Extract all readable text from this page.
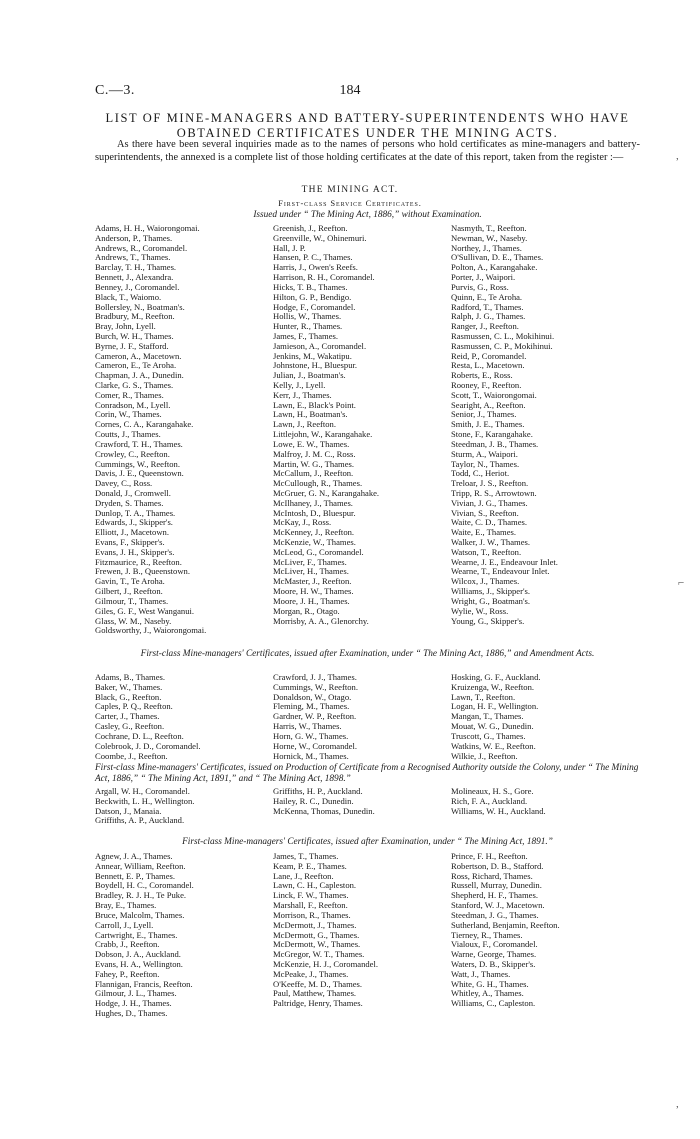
C.—3.	184
LIST OF MINE-MANAGERS AND BATTERY-SUPERINTENDENTS WHO HAVE OBTAINED CERTIFICATES UNDER THE MINING ACTS.
As there have been several inquiries made as to the names of persons who hold certificates as mine-managers and battery-superintendents, the annexed is a complete list of those holding certificates at the date of this report, taken from the register :—
THE MINING ACT.
First-class Service Certificates.
Issued under “ The Mining Act, 1886,” without Examination.
Adams, H. H., Waiorongomai.
Anderson, P., Thames.
Andrews, R., Coromandel.
Andrews, T., Thames.
Barclay, T. H., Thames.
Bennett, J., Alexandra.
Benney, J., Coromandel.
Black, T., Waiomo.
Bollersley, N., Boatman's.
Bradbury, M., Reefton.
Bray, John, Lyell.
Burch, W. H., Thames.
Byrne, J. F., Stafford.
Cameron, A., Macetown.
Cameron, E., Te Aroha.
Chapman, J. A., Dunedin.
Clarke, G. S., Thames.
Comer, R., Thames.
Conradson, M., Lyell.
Corin, W., Thames.
Cornes, C. A., Karangahake.
Coutts, J., Thames.
Crawford, T. H., Thames.
Crowley, C., Reefton.
Cummings, W., Reefton.
Davis, J. E., Queenstown.
Davey, C., Ross.
Donald, J., Cromwell.
Dryden, S. Thames.
Dunlop, T. A., Thames.
Edwards, J., Skipper's.
Elliott, J., Macetown.
Evans, F., Skipper's.
Evans, J. H., Skipper's.
Fitzmaurice, R., Reefton.
Frewen, J. B., Queenstown.
Gavin, T., Te Aroha.
Gilbert, J., Reefton.
Gilmour, T., Thames.
Giles, G. F., West Wanganui.
Glass, W. M., Naseby.
Goldsworthy, J., Waiorongomai.
Greenish, J., Reefton.
Greenville, W., Ohinemuri.
Hall, J. P.
Hansen, P. C., Thames.
Harris, J., Owen's Reefs.
Harrison, R. H., Coromandel.
Hicks, T. B., Thames.
Hilton, G. P., Bendigo.
Hodge, F., Coromandel.
Hollis, W., Thames.
Hunter, R., Thames.
James, F., Thames.
Jamieson, A., Coromandel.
Jenkins, M., Wakatipu.
Johnstone, H., Bluespur.
Julian, J., Boatman's.
Kelly, J., Lyell.
Kerr, J., Thames.
Lawn, E., Black's Point.
Lawn, H., Boatman's.
Lawn, J., Reefton.
Littlejohn, W., Karangahake.
Lowe, E. W., Thames.
Malfroy, J. M. C., Ross.
Martin, W. G., Thames.
McCallum, J., Reefton.
McCullough, R., Thames.
McGruer, G. N., Karangahake.
McIlhaney, J., Thames.
McIntosh, D., Bluespur.
McKay, J., Ross.
McKenney, J., Reefton.
McKenzie, W., Thames.
McLeod, G., Coromandel.
McLiver, F., Thames.
McLiver, H., Thames.
McMaster, J., Reefton.
Moore, H. W., Thames.
Moore, J. H., Thames.
Morgan, R., Otago.
Morrisby, A. A., Glenorchy.
Nasmyth, T., Reefton.
Newman, W., Naseby.
Northey, J., Thames.
O'Sullivan, D. E., Thames.
Polton, A., Karangahake.
Porter, J., Waipori.
Purvis, G., Ross.
Quinn, E., Te Aroha.
Radford, T., Thames.
Ralph, J. G., Thames.
Ranger, J., Reefton.
Rasmussen, C. L., Mokihinui.
Rasmussen, C. P., Mokihinui.
Reid, P., Coromandel.
Resta, L., Macetown.
Roberts, E., Ross.
Rooney, F., Reefton.
Scott, T., Waiorongomai.
Searight, A., Reefton.
Senior, J., Thames.
Smith, J. E., Thames.
Stone, F., Karangahake.
Steedman, J. B., Thames.
Sturm, A., Waipori.
Taylor, N., Thames.
Todd, C., Heriot.
Treloar, J. S., Reefton.
Tripp, R. S., Arrowtown.
Vivian, J. G., Thames.
Vivian, S., Reefton.
Waite, C. D., Thames.
Waite, E., Thames.
Walker, J. W., Thames.
Watson, T., Reefton.
Wearne, J. E., Endeavour Inlet.
Wearne, T., Endeavour Inlet.
Wilcox, J., Thames.
Williams, J., Skipper's.
Wright, G., Boatman's.
Wylie, W., Ross.
Young, G., Skipper's.
First-class Mine-managers' Certificates, issued after Examination, under “ The Mining Act, 1886,” and Amendment Acts.
Adams, B., Thames.
Baker, W., Thames.
Black, G., Reefton.
Caples, P. Q., Reefton.
Carter, J., Thames.
Casley, G., Reefton.
Cochrane, D. L., Reefton.
Colebrook, J. D., Coromandel.
Coombe, J., Reefton.
Crawford, J. J., Thames.
Cummings, W., Reefton.
Donaldson, W., Otago.
Fleming, M., Thames.
Gardner, W. P., Reefton.
Harris, W., Thames.
Horn, G. W., Thames.
Horne, W., Coromandel.
Hornick, M., Thames.
Hosking, G. F., Auckland.
Kruizenga, W., Reefton.
Lawn, T., Reefton.
Logan, H. F., Wellington.
Mangan, T., Thames.
Mouat, W. G., Dunedin.
Truscott, G., Thames.
Watkins, W. E., Reefton.
Wilkie, J., Reefton.
First-class Mine-managers' Certificates, issued on Production of Certificate from a Recognised Authority outside the Colony, under “ The Mining Act, 1886,” “ The Mining Act, 1891,” and “ The Mining Act, 1898.”
Argall, W. H., Coromandel.
Beckwith, L. H., Wellington.
Datson, J., Manaia.
Griffiths, A. P., Auckland.
Griffiths, H. P., Auckland.
Hailey, R. C., Dunedin.
McKenna, Thomas, Dunedin.
Molineaux, H. S., Gore.
Rich, F. A., Auckland.
Williams, W. H., Auckland.
First-class Mine-managers' Certificates, issued after Examination, under “ The Mining Act, 1891.”
Agnew, J. A., Thames.
Annear, William, Reefton.
Bennett, E. P., Thames.
Boydell, H. C., Coromandel.
Bradley, R. J. H., Te Puke.
Bray, E., Thames.
Bruce, Malcolm, Thames.
Carroll, J., Lyell.
Cartwright, E., Thames.
Crabb, J., Reefton.
Dobson, J. A., Auckland.
Evans, H. A., Wellington.
Fahey, P., Reefton.
Flannigan, Francis, Reefton.
Gilmour, J. L., Thames.
Hodge, J. H., Thames.
Hughes, D., Thames.
James, T., Thames.
Keam, P. E., Thames.
Lane, J., Reefton.
Lawn, C. H., Capleston.
Linck, F. W., Thames.
Marshall, F., Reefton.
Morrison, R., Thames.
McDermott, J., Thames.
McDermott, G., Thames.
McDermott, W., Thames.
McGregor, W. T., Thames.
McKenzie, H. J., Coromandel.
McPeake, J., Thames.
O'Keeffe, M. D., Thames.
Paul, Matthew, Thames.
Paltridge, Henry, Thames.
Prince, F. H., Reefton.
Robertson, D. B., Stafford.
Ross, Richard, Thames.
Russell, Murray, Dunedin.
Shepherd, H. F., Thames.
Stanford, W. J., Macetown.
Steedman, J. G., Thames.
Sutherland, Benjamin, Reefton.
Tierney, R., Thames.
Vialoux, F., Coromandel.
Warne, George, Thames.
Waters, D. B., Skipper's.
Watt, J., Thames.
White, G. H., Thames.
Whitley, A., Thames.
Williams, C., Capleston.
,
⌐
,
